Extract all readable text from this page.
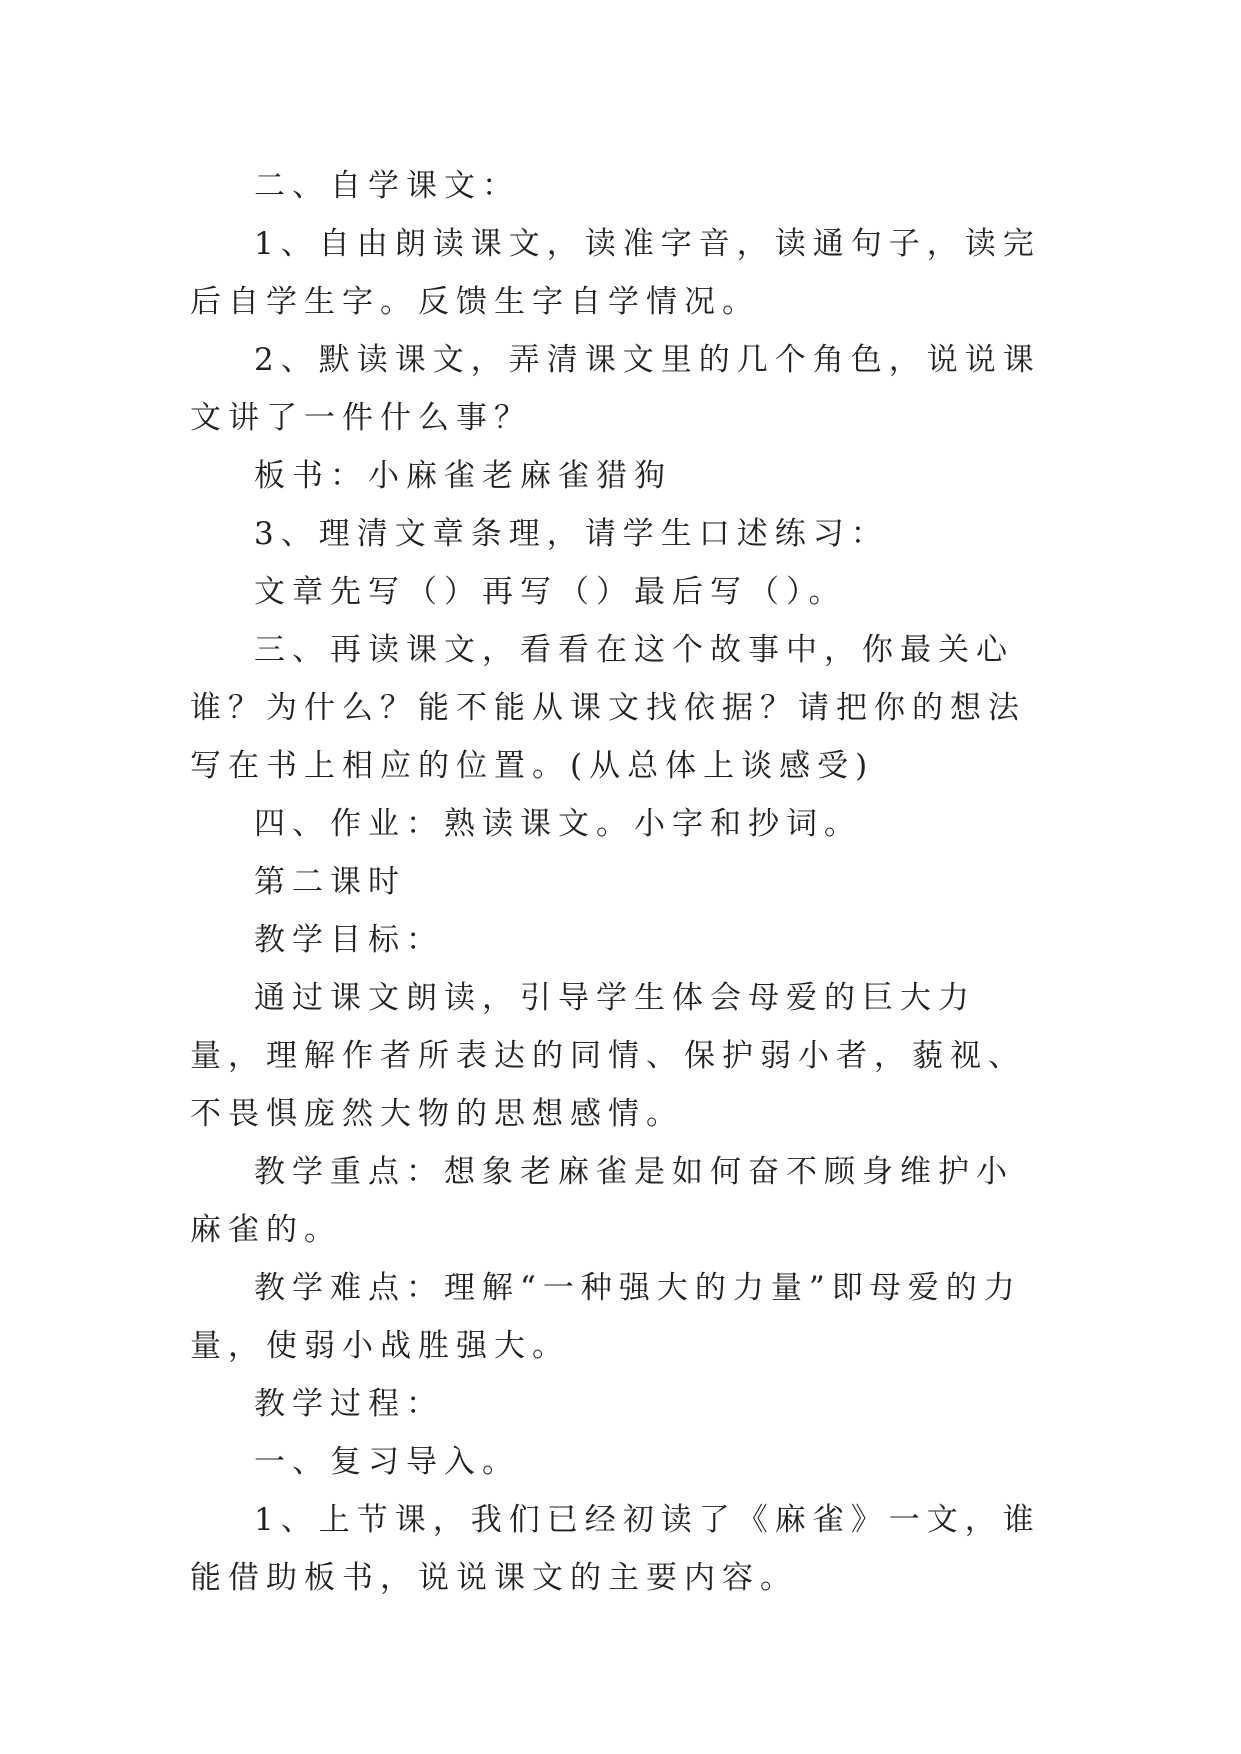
二、自学课文：

1、自由朗读课文，读准字音，读通句子，读完后自学生字。反馈生字自学情况。

2、默读课文，弄清课文里的几个角色，说说课文讲了一件什么事？

板书：小麻雀老麻雀猎狗

3、理清文章条理，请学生口述练习：

文章先写（）再写（）最后写（）。

三、再读课文，看看在这个故事中，你最关心谁？为什么？能不能从课文找依据？请把你的想法写在书上相应的位置。(从总体上谈感受)

四、作业：熟读课文。小字和抄词。

第二课时

教学目标：

通过课文朗读，引导学生体会母爱的巨大力量，理解作者所表达的同情、保护弱小者，藐视、不畏惧庞然大物的思想感情。

教学重点：想象老麻雀是如何奋不顾身维护小麻雀的。

教学难点：理解“一种强大的力量”即母爱的力量，使弱小战胜强大。

教学过程：

一、复习导入。

1、上节课，我们已经初读了《麻雀》一文，谁能借助板书，说说课文的主要内容。
